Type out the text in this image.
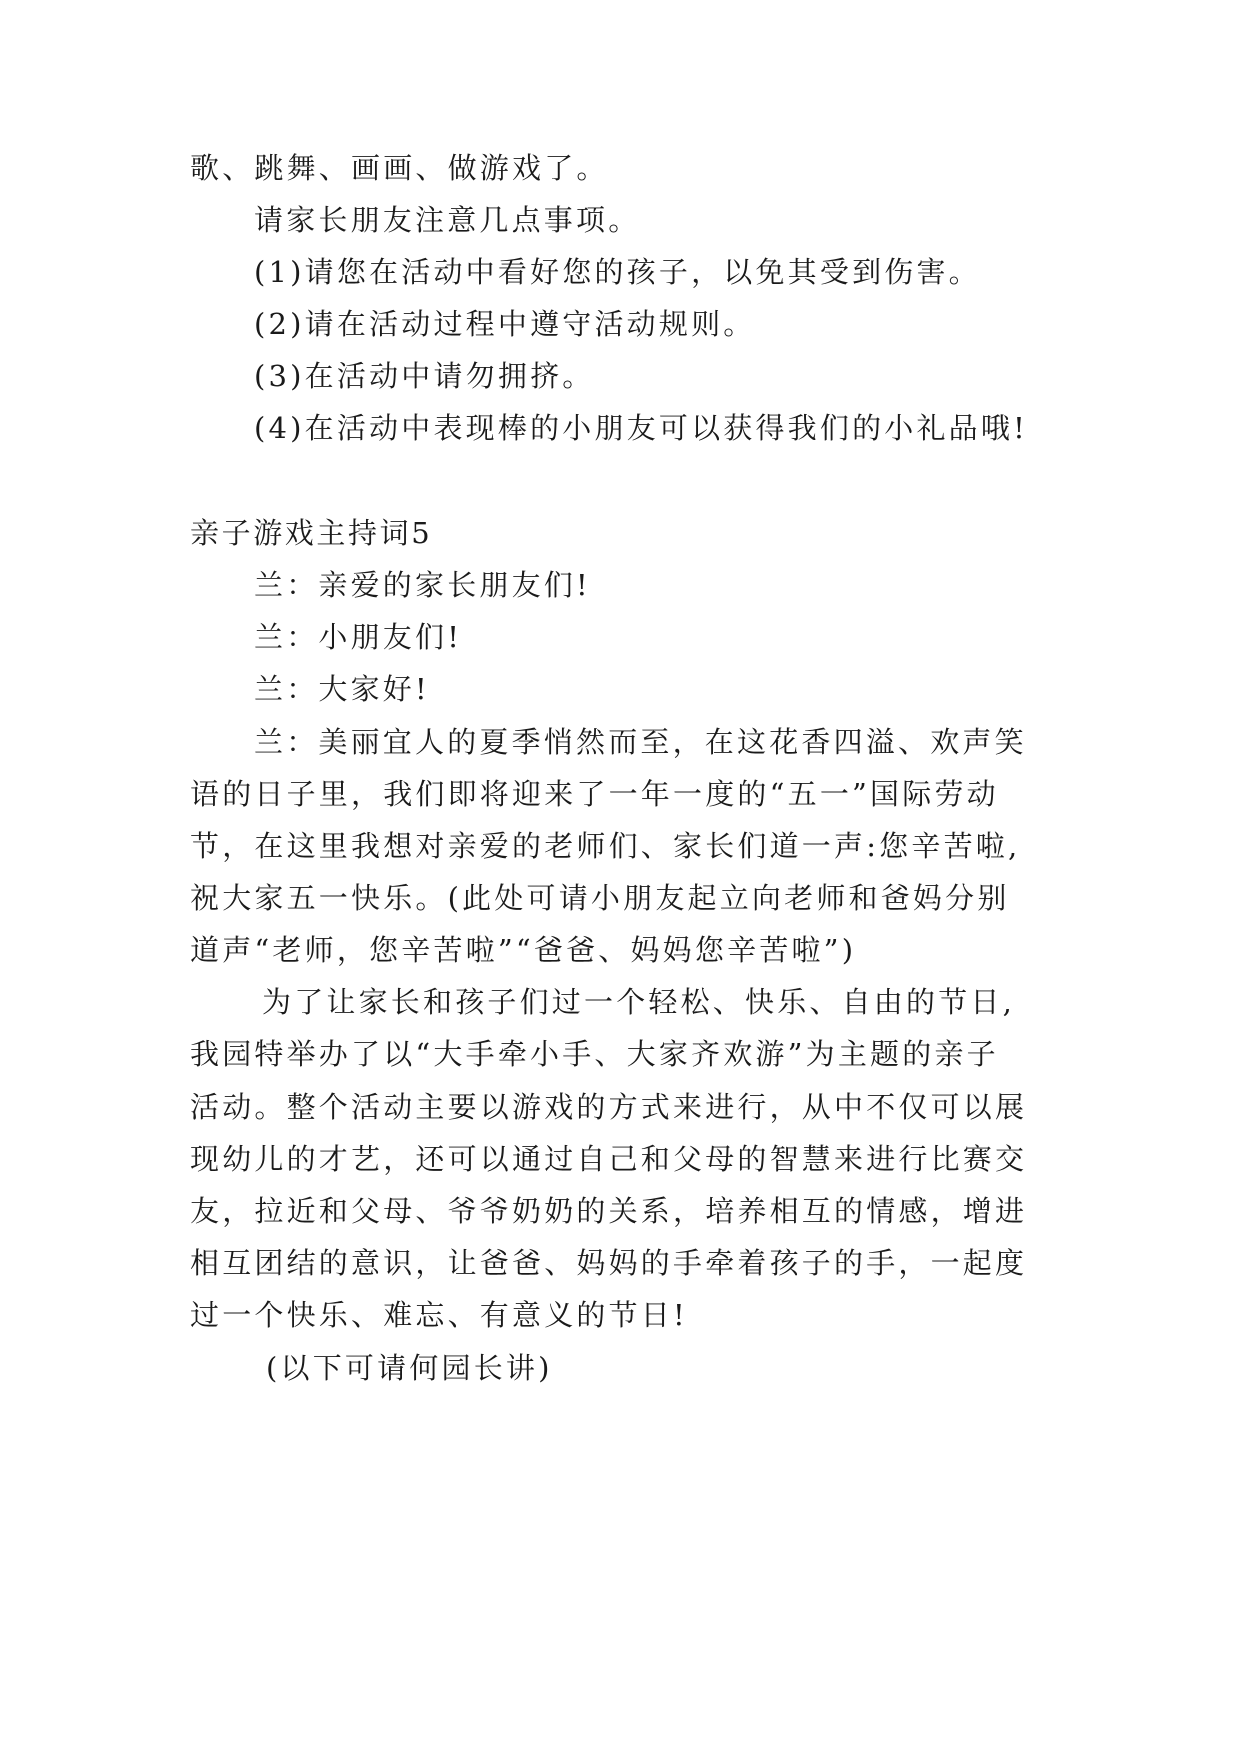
歌、跳舞、画画、做游戏了。
请家长朋友注意几点事项。
(1)请您在活动中看好您的孩子，以免其受到伤害。
(2)请在活动过程中遵守活动规则。
(3)在活动中请勿拥挤。
(4)在活动中表现棒的小朋友可以获得我们的小礼品哦!
亲子游戏主持词5
兰：亲爱的家长朋友们!
兰：小朋友们!
兰：大家好!
兰：美丽宜人的夏季悄然而至，在这花香四溢、欢声笑
语的日子里，我们即将迎来了一年一度的“五一”国际劳动
节，在这里我想对亲爱的老师们、家长们道一声:您辛苦啦,
祝大家五一快乐。(此处可请小朋友起立向老师和爸妈分别
道声“老师，您辛苦啦”“爸爸、妈妈您辛苦啦”)
为了让家长和孩子们过一个轻松、快乐、自由的节日,
我园特举办了以“大手牵小手、大家齐欢游”为主题的亲子
活动。整个活动主要以游戏的方式来进行，从中不仅可以展
现幼儿的才艺，还可以通过自己和父母的智慧来进行比赛交
友，拉近和父母、爷爷奶奶的关系，培养相互的情感，增进
相互团结的意识，让爸爸、妈妈的手牵着孩子的手，一起度
过一个快乐、难忘、有意义的节日!
(以下可请何园长讲)
